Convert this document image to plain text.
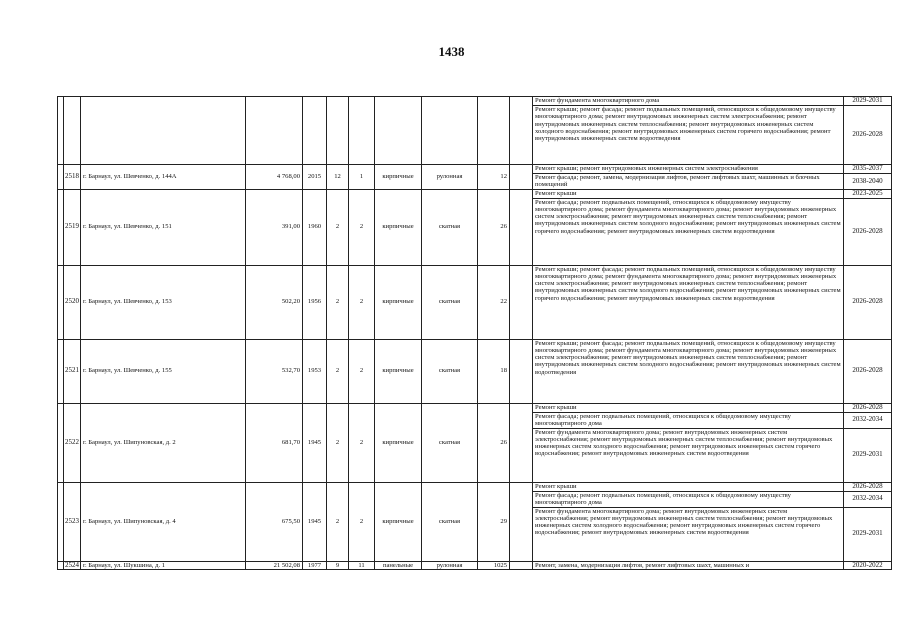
1438
											Ремонт фундамента многоквартирного дома	2029-2031
											Ремонт крыши; ремонт фасада; ремонт подвальных помещений, относящихся к общедомовому имуществу многоквартирного дома; ремонт внутридомовых инженерных систем электроснабжения; ремонт внутридомовых инженерных систем теплоснабжения; ремонт внутридомовых инженерных систем холодного водоснабжения; ремонт внутридомовых инженерных систем горячего водоснабжения; ремонт внутридомовых инженерных систем водоотведения	2026-2028
	2518	г. Барнаул, ул. Шевченко, д. 144А	4 768,00	2015	12	1	кирпичные	рулонная	12		Ремонт крыши; ремонт внутридомовых инженерных систем электроснабжения	2035-2037
											Ремонт фасада; ремонт, замена, модернизация лифтов, ремонт лифтовых шахт, машинных и блочных помещений	2038-2040
	2519	г. Барнаул, ул. Шевченко, д. 151	391,00	1960	2	2	кирпичные	скатная	26		Ремонт крыши	2023-2025
											Ремонт фасада; ремонт подвальных помещений, относящихся к общедомовому имуществу многоквартирного дома; ремонт фундамента многоквартирного дома; ремонт внутридомовых инженерных систем электроснабжения; ремонт внутридомовых инженерных систем теплоснабжения; ремонт внутридомовых инженерных систем холодного водоснабжения; ремонт внутридомовых инженерных систем горячего водоснабжения; ремонт внутридомовых инженерных систем водоотведения	2026-2028
	2520	г. Барнаул, ул. Шевченко, д. 153	502,20	1956	2	2	кирпичные	скатная	22		Ремонт крыши; ремонт фасада; ремонт подвальных помещений, относящихся к общедомовому имуществу многоквартирного дома; ремонт фундамента многоквартирного дома; ремонт внутридомовых инженерных систем электроснабжения; ремонт внутридомовых инженерных систем теплоснабжения; ремонт внутридомовых инженерных систем холодного водоснабжения; ремонт внутридомовых инженерных систем горячего водоснабжения; ремонт внутридомовых инженерных систем водоотведения	2026-2028
	2521	г. Барнаул, ул. Шевченко, д. 155	532,70	1953	2	2	кирпичные	скатная	18		Ремонт крыши; ремонт фасада; ремонт подвальных помещений, относящихся к общедомовому имуществу многоквартирного дома; ремонт фундамента многоквартирного дома; ремонт внутридомовых инженерных систем электроснабжения; ремонт внутридомовых инженерных систем теплоснабжения; ремонт внутридомовых инженерных систем холодного водоснабжения; ремонт внутридомовых инженерных систем водоотведения	2026-2028
	2522	г. Барнаул, ул. Шипуновская, д. 2	681,70	1945	2	2	кирпичные	скатная	26		Ремонт крыши	2026-2028
											Ремонт фасада; ремонт подвальных помещений, относящихся к общедомовому имуществу многоквартирного дома	2032-2034
											Ремонт фундамента многоквартирного дома; ремонт внутридомовых инженерных систем электроснабжения; ремонт внутридомовых инженерных систем теплоснабжения; ремонт внутридомовых инженерных систем холодного водоснабжения; ремонт внутридомовых инженерных систем горячего водоснабжения; ремонт внутридомовых инженерных систем водоотведения	2029-2031
	2523	г. Барнаул, ул. Шипуновская, д. 4	675,50	1945	2	2	кирпичные	скатная	29		Ремонт крыши	2026-2028
											Ремонт фасада; ремонт подвальных помещений, относящихся к общедомовому имуществу многоквартирного дома	2032-2034
											Ремонт фундамента многоквартирного дома; ремонт внутридомовых инженерных систем электроснабжения; ремонт внутридомовых инженерных систем теплоснабжения; ремонт внутридомовых инженерных систем холодного водоснабжения; ремонт внутридомовых инженерных систем горячего водоснабжения; ремонт внутридомовых инженерных систем водоотведения	2029-2031
	2524	г. Барнаул, ул. Шукшина, д. 1	21 502,08	1977	9	11	панельные	рулонная	1025		Ремонт, замена, модернизация лифтов, ремонт лифтовых шахт, машинных и	2020-2022
